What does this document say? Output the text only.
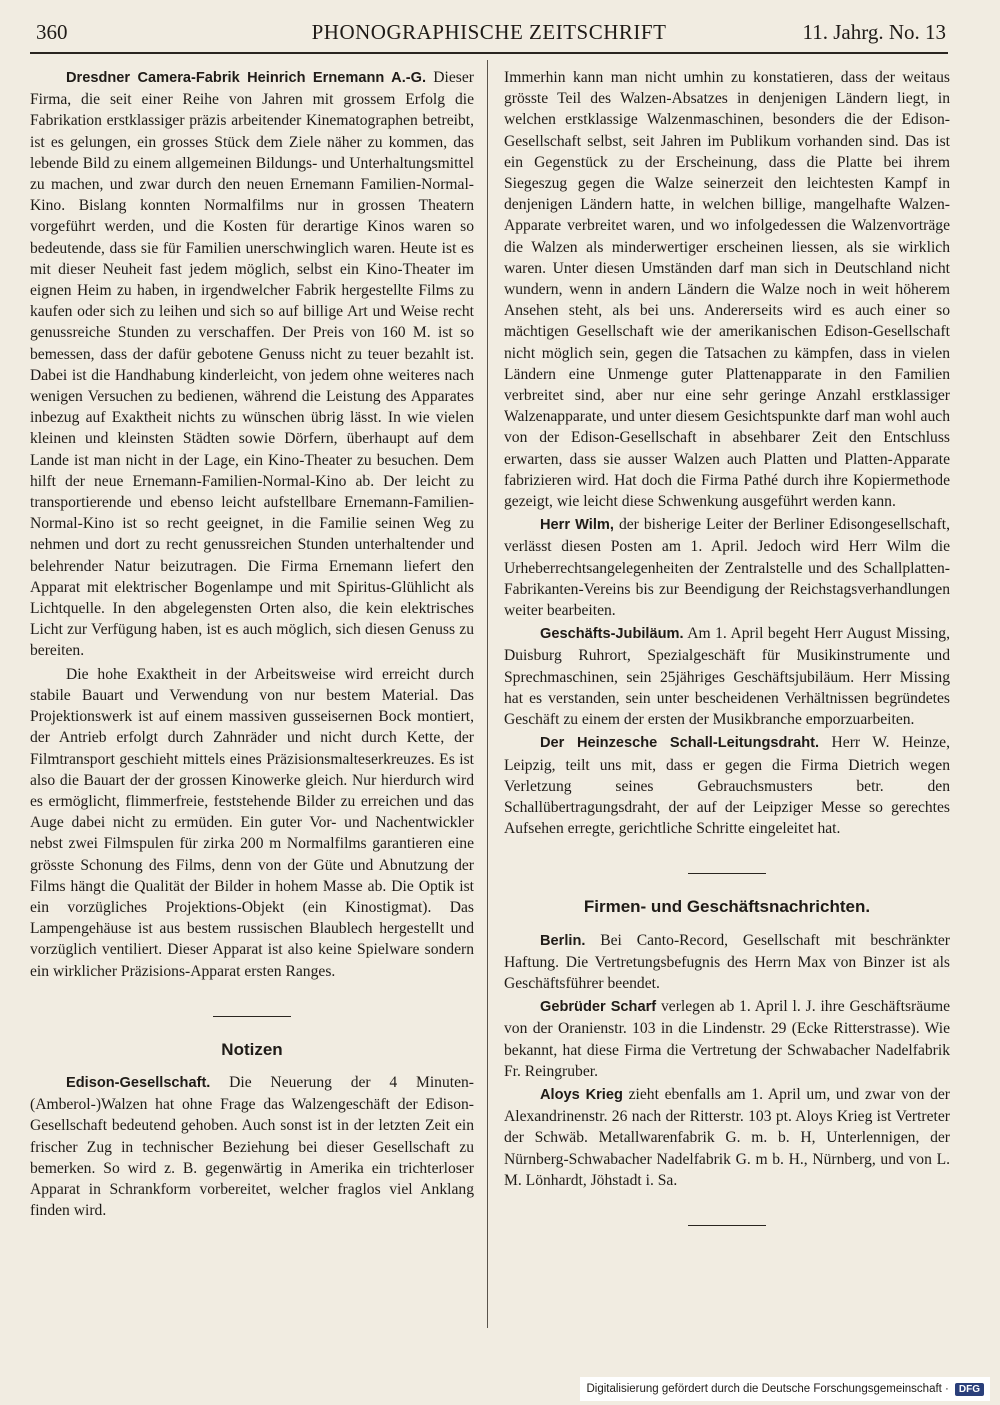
360	PHONOGRAPHISCHE ZEITSCHRIFT	11. Jahrg. No. 13

Dresdner Camera-Fabrik Heinrich Ernemann A.-G. Dieser Firma, die seit einer Reihe von Jahren mit grossem Erfolg die Fabrikation erstklassiger präzis arbeitender Kinematographen betreibt, ist es gelungen, ein grosses Stück dem Ziele näher zu kommen, das lebende Bild zu einem allgemeinen Bildungs- und Unterhaltungsmittel zu machen, und zwar durch den neuen Ernemann Familien-Normal-Kino. Bislang konnten Normalfilms nur in grossen Theatern vorgeführt werden, und die Kosten für derartige Kinos waren so bedeutende, dass sie für Familien unerschwinglich waren. Heute ist es mit dieser Neuheit fast jedem möglich, selbst ein Kino-Theater im eignen Heim zu haben, in irgendwelcher Fabrik hergestellte Films zu kaufen oder sich zu leihen und sich so auf billige Art und Weise recht genussreiche Stunden zu verschaffen. Der Preis von 160 M. ist so bemessen, dass der dafür gebotene Genuss nicht zu teuer bezahlt ist. Dabei ist die Handhabung kinderleicht, von jedem ohne weiteres nach wenigen Versuchen zu bedienen, während die Leistung des Apparates inbezug auf Exaktheit nichts zu wünschen übrig lässt. In wie vielen kleinen und kleinsten Städten sowie Dörfern, überhaupt auf dem Lande ist man nicht in der Lage, ein Kino-Theater zu besuchen. Dem hilft der neue Ernemann-Familien-Normal-Kino ab. Der leicht zu transportierende und ebenso leicht aufstellbare Ernemann-Familien-Normal-Kino ist so recht geeignet, in die Familie seinen Weg zu nehmen und dort zu recht genussreichen Stunden unterhaltender und belehrender Natur beizutragen. Die Firma Ernemann liefert den Apparat mit elektrischer Bogenlampe und mit Spiritus-Glühlicht als Lichtquelle. In den abgelegensten Orten also, die kein elektrisches Licht zur Verfügung haben, ist es auch möglich, sich diesen Genuss zu bereiten.

Die hohe Exaktheit in der Arbeitsweise wird erreicht durch stabile Bauart und Verwendung von nur bestem Material. Das Projektionswerk ist auf einem massiven gusseisernen Bock montiert, der Antrieb erfolgt durch Zahnräder und nicht durch Kette, der Filmtransport geschieht mittels eines Präzisionsmalteserkreuzes. Es ist also die Bauart der der grossen Kinowerke gleich. Nur hierdurch wird es ermöglicht, flimmerfreie, feststehende Bilder zu erreichen und das Auge dabei nicht zu ermüden. Ein guter Vor- und Nachentwickler nebst zwei Filmspulen für zirka 200 m Normalfilms garantieren eine grösste Schonung des Films, denn von der Güte und Abnutzung der Films hängt die Qualität der Bilder in hohem Masse ab. Die Optik ist ein vorzügliches Projektions-Objekt (ein Kinostigmat). Das Lampengehäuse ist aus bestem russischen Blaublech hergestellt und vorzüglich ventiliert. Dieser Apparat ist also keine Spielware sondern ein wirklicher Präzisions-Apparat ersten Ranges.

Notizen

Edison-Gesellschaft. Die Neuerung der 4 Minuten-(Amberol-)Walzen hat ohne Frage das Walzengeschäft der Edison-Gesellschaft bedeutend gehoben. Auch sonst ist in der letzten Zeit ein frischer Zug in technischer Beziehung bei dieser Gesellschaft zu bemerken. So wird z. B. gegenwärtig in Amerika ein trichterloser Apparat in Schrankform vorbereitet, welcher fraglos viel Anklang finden wird.

Immerhin kann man nicht umhin zu konstatieren, dass der weitaus grösste Teil des Walzen-Absatzes in denjenigen Ländern liegt, in welchen erstklassige Walzenmaschinen, besonders die der Edison-Gesellschaft selbst, seit Jahren im Publikum vorhanden sind. Das ist ein Gegenstück zu der Erscheinung, dass die Platte bei ihrem Siegeszug gegen die Walze seinerzeit den leichtesten Kampf in denjenigen Ländern hatte, in welchen billige, mangelhafte Walzen-Apparate verbreitet waren, und wo infolgedessen die Walzenvorträge die Walzen als minderwertiger erscheinen liessen, als sie wirklich waren. Unter diesen Umständen darf man sich in Deutschland nicht wundern, wenn in andern Ländern die Walze noch in weit höherem Ansehen steht, als bei uns. Andererseits wird es auch einer so mächtigen Gesellschaft wie der amerikanischen Edison-Gesellschaft nicht möglich sein, gegen die Tatsachen zu kämpfen, dass in vielen Ländern eine Unmenge guter Plattenapparate in den Familien verbreitet sind, aber nur eine sehr geringe Anzahl erstklassiger Walzenapparate, und unter diesem Gesichtspunkte darf man wohl auch von der Edison-Gesellschaft in absehbarer Zeit den Entschluss erwarten, dass sie ausser Walzen auch Platten und Platten-Apparate fabrizieren wird. Hat doch die Firma Pathé durch ihre Kopiermethode gezeigt, wie leicht diese Schwenkung ausgeführt werden kann.

Herr Wilm, der bisherige Leiter der Berliner Edisongesellschaft, verlässt diesen Posten am 1. April. Jedoch wird Herr Wilm die Urheberrechtsangelegenheiten der Zentralstelle und des Schallplatten-Fabrikanten-Vereins bis zur Beendigung der Reichstagsverhandlungen weiter bearbeiten.

Geschäfts-Jubiläum. Am 1. April begeht Herr August Missing, Duisburg Ruhrort, Spezialgeschäft für Musikinstrumente und Sprechmaschinen, sein 25jähriges Geschäftsjubiläum. Herr Missing hat es verstanden, sein unter bescheidenen Verhältnissen begründetes Geschäft zu einem der ersten der Musikbranche emporzuarbeiten.

Der Heinzesche Schall-Leitungsdraht. Herr W. Heinze, Leipzig, teilt uns mit, dass er gegen die Firma Dietrich wegen Verletzung seines Gebrauchsmusters betr. den Schallübertragungsdraht, der auf der Leipziger Messe so gerechtes Aufsehen erregte, gerichtliche Schritte eingeleitet hat.

Firmen- und Geschäftsnachrichten.

Berlin. Bei Canto-Record, Gesellschaft mit beschränkter Haftung. Die Vertretungsbefugnis des Herrn Max von Binzer ist als Geschäftsführer beendet.

Gebrüder Scharf verlegen ab 1. April l. J. ihre Geschäftsräume von der Oranienstr. 103 in die Lindenstr. 29 (Ecke Ritterstrasse). Wie bekannt, hat diese Firma die Vertretung der Schwabacher Nadelfabrik Fr. Reingruber.

Aloys Krieg zieht ebenfalls am 1. April um, und zwar von der Alexandrinenstr. 26 nach der Ritterstr. 103 pt. Aloys Krieg ist Vertreter der Schwäb. Metallwarenfabrik G. m. b. H, Unterlennigen, der Nürnberg-Schwabacher Nadelfabrik G. m b. H., Nürnberg, und von L. M. Lönhardt, Jöhstadt i. Sa.

Digitalisierung gefördert durch die Deutsche Forschungsgemeinschaft ·	DFG
